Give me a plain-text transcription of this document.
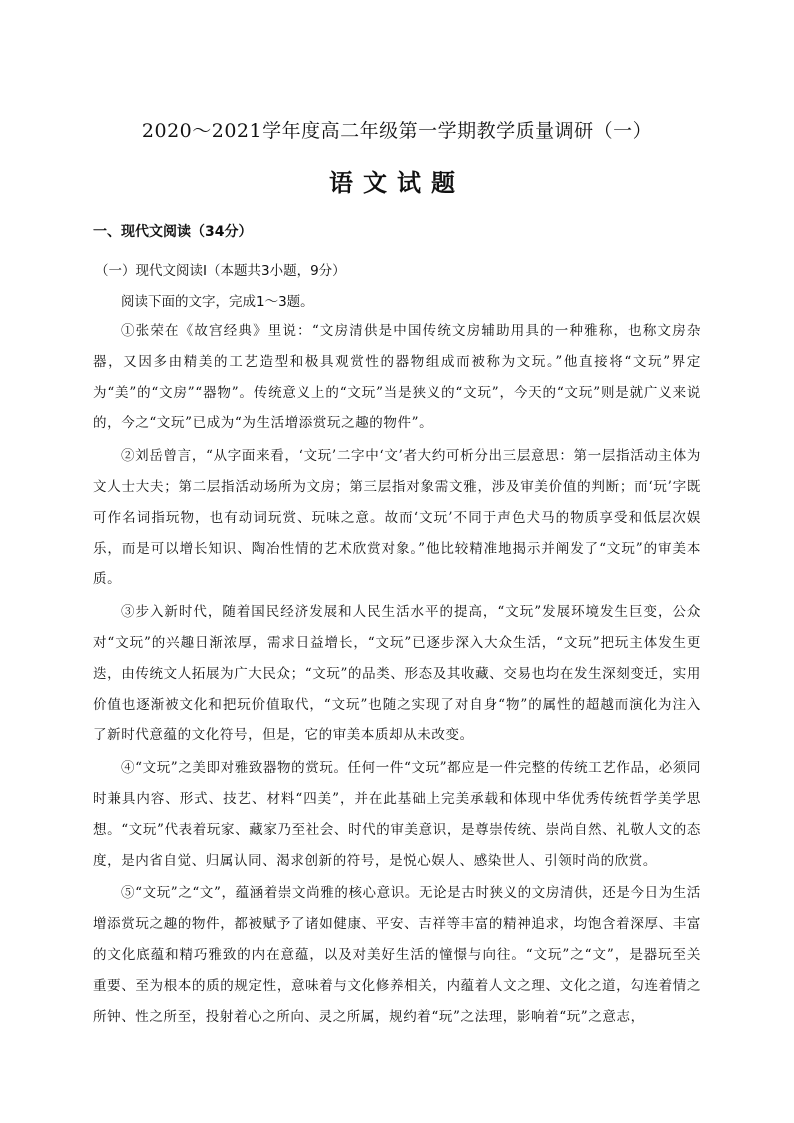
2020～2021学年度高二年级第一学期教学质量调研（一）
语文试题
一、现代文阅读（34分）
（一）现代文阅读Ⅰ（本题共3小题，9分）
阅读下面的文字，完成1～3题。

①张荣在《故宫经典》里说：“文房清供是中国传统文房辅助用具的一种雅称，也称文房杂器，又因多由精美的工艺造型和极具观赏性的器物组成而被称为文玩。”他直接将“文玩”界定为“美”的“文房”“器物”。传统意义上的“文玩”当是狭义的“文玩”，今天的“文玩”则是就广义来说的，今之“文玩”已成为“为生活增添赏玩之趣的物件”。

②刘岳曾言，“从字面来看，‘文玩’二字中‘文’者大约可析分出三层意思：第一层指活动主体为文人士大夫；第二层指活动场所为文房；第三层指对象需文雅，涉及审美价值的判断；而‘玩’字既可作名词指玩物，也有动词玩赏、玩味之意。故而‘文玩’不同于声色犬马的物质享受和低层次娱乐，而是可以增长知识、陶冶性情的艺术欣赏对象。”他比较精准地揭示并阐发了“文玩”的审美本质。

③步入新时代，随着国民经济发展和人民生活水平的提高，“文玩”发展环境发生巨变，公众对“文玩”的兴趣日渐浓厚，需求日益增长，“文玩”已逐步深入大众生活，“文玩”把玩主体发生更迭，由传统文人拓展为广大民众；“文玩”的品类、形态及其收藏、交易也均在发生深刻变迁，实用价值也逐渐被文化和把玩价值取代，“文玩”也随之实现了对自身“物”的属性的超越而演化为注入了新时代意蕴的文化符号，但是，它的审美本质却从未改变。

④“文玩”之美即对雅致器物的赏玩。任何一件“文玩”都应是一件完整的传统工艺作品，必须同时兼具内容、形式、技艺、材料“四美”，并在此基础上完美承载和体现中华优秀传统哲学美学思想。“文玩”代表着玩家、藏家乃至社会、时代的审美意识，是尊崇传统、崇尚自然、礼敬人文的态度，是内省自觉、归属认同、渴求创新的符号，是悦心娱人、感染世人、引领时尚的欣赏。

⑤“文玩”之“文”，蕴涵着崇文尚雅的核心意识。无论是古时狭义的文房清供，还是今日为生活增添赏玩之趣的物件，都被赋予了诸如健康、平安、吉祥等丰富的精神追求，均饱含着深厚、丰富的文化底蕴和精巧雅致的内在意蕴，以及对美好生活的憧憬与向往。“文玩”之“文”，是器玩至关重要、至为根本的质的规定性，意味着与文化修养相关，内蕴着人文之理、文化之道，勾连着情之所钟、性之所至，投射着心之所向、灵之所属，规约着“玩”之法理，影响着“玩”之意志，
